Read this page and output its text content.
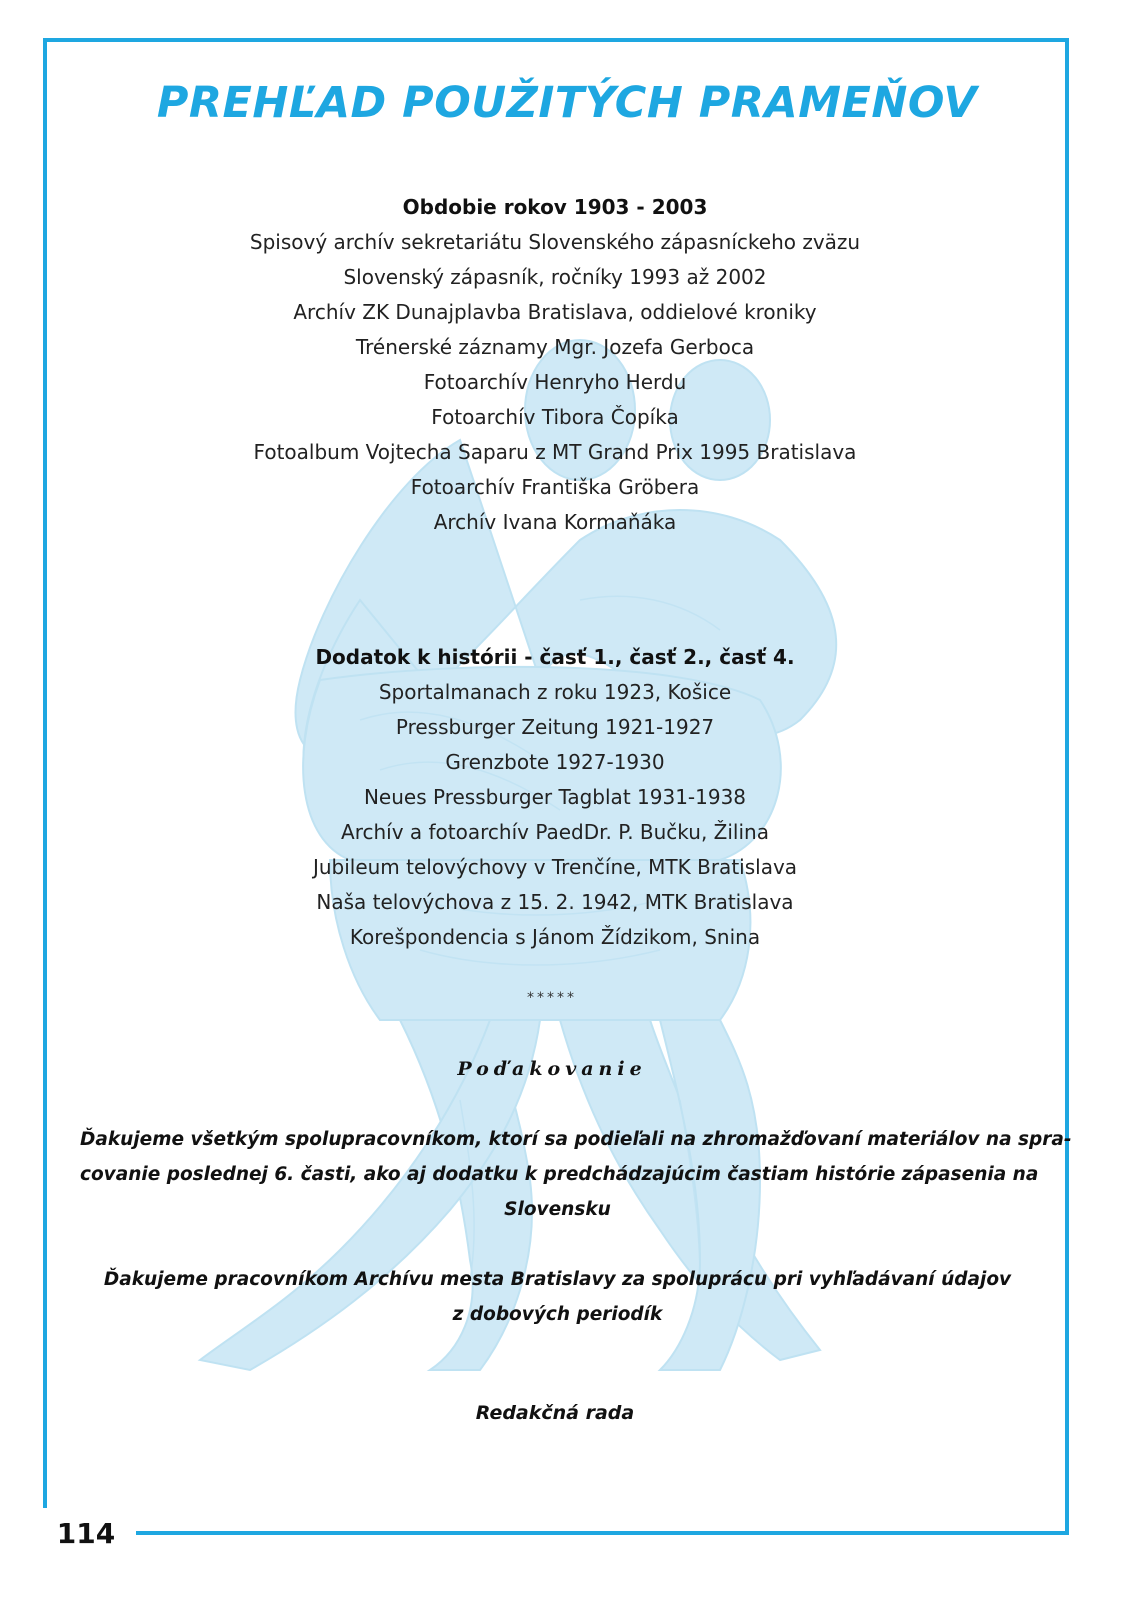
114
PREHĽAD POUŽITÝCH PRAMEŇOV
Obdobie rokov 1903 - 2003
Spisový archív sekretariátu Slovenského zápasníckeho zväzu
Slovenský zápasník, ročníky 1993 až 2002
Archív ZK Dunajplavba Bratislava, oddielové kroniky
Trénerské záznamy Mgr. Jozefa Gerboca
Fotoarchív Henryho Herdu
Fotoarchív Tibora Čopíka
Fotoalbum Vojtecha Saparu z MT Grand Prix 1995 Bratislava
Fotoarchív Františka Gröbera
Archív Ivana Kormaňáka
Dodatok k histórii - časť 1., časť 2., časť 4.
Sportalmanach z roku 1923, Košice
Pressburger Zeitung 1921-1927
Grenzbote 1927-1930
Neues Pressburger Tagblat 1931-1938
Archív a fotoarchív PaedDr. P. Bučku, Žilina
Jubileum telovýchovy v Trenčíne, MTK Bratislava
Naša telovýchova z 15. 2. 1942, MTK Bratislava
Korešpondencia s Jánom Žídzikom, Snina
*****
Poďakovanie
Ďakujeme všetkým spolupracovníkom, ktorí sa podieľali na zhromažďovaní materiálov na spra-
covanie poslednej 6. časti, ako aj dodatku k predchádzajúcim častiam histórie zápasenia na
Slovensku
Ďakujeme pracovníkom Archívu mesta Bratislavy za spoluprácu pri vyhľadávaní údajov
z dobových periodík
Redakčná rada
